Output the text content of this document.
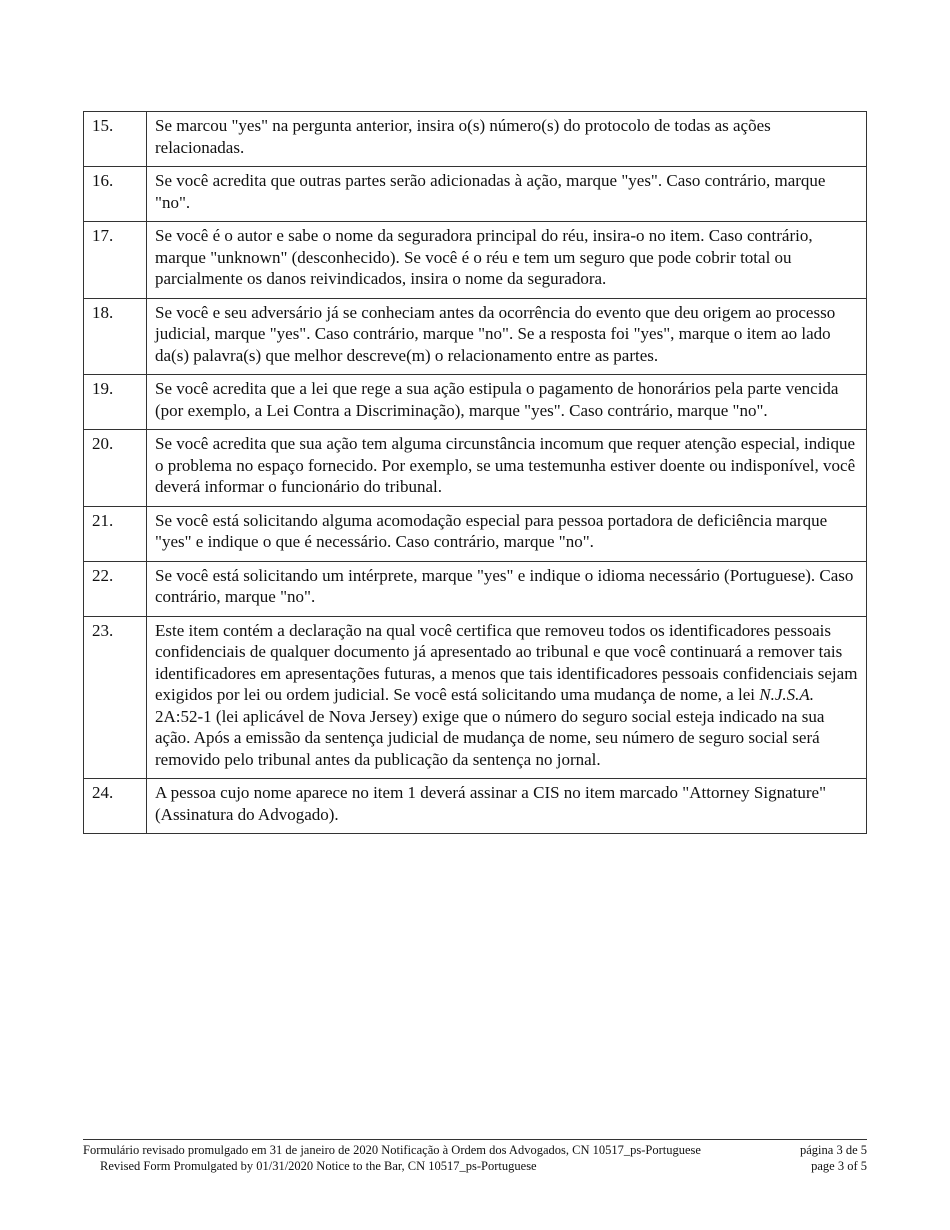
15.	Se marcou "yes" na pergunta anterior, insira o(s) número(s) do protocolo de todas as ações relacionadas.
16.	Se você acredita que outras partes serão adicionadas à ação, marque "yes". Caso contrário, marque "no".
17.	Se você é o autor e sabe o nome da seguradora principal do réu, insira-o no item. Caso contrário, marque "unknown" (desconhecido). Se você é o réu e tem um seguro que pode cobrir total ou parcialmente os danos reivindicados, insira o nome da seguradora.
18.	Se você e seu adversário já se conheciam antes da ocorrência do evento que deu origem ao processo judicial, marque "yes". Caso contrário, marque "no". Se a resposta foi "yes", marque o item ao lado da(s) palavra(s) que melhor descreve(m) o relacionamento entre as partes.
19.	Se você acredita que a lei que rege a sua ação estipula o pagamento de honorários pela parte vencida (por exemplo, a Lei Contra a Discriminação), marque "yes". Caso contrário, marque "no".
20.	Se você acredita que sua ação tem alguma circunstância incomum que requer atenção especial, indique o problema no espaço fornecido. Por exemplo, se uma testemunha estiver doente ou indisponível, você deverá informar o funcionário do tribunal.
21.	Se você está solicitando alguma acomodação especial para pessoa portadora de deficiência marque "yes" e indique o que é necessário. Caso contrário, marque "no".
22.	Se você está solicitando um intérprete, marque "yes" e indique o idioma necessário (Portuguese). Caso contrário, marque "no".
23.	Este item contém a declaração na qual você certifica que removeu todos os identificadores pessoais confidenciais de qualquer documento já apresentado ao tribunal e que você continuará a remover tais identificadores em apresentações futuras, a menos que tais identificadores pessoais confidenciais sejam exigidos por lei ou ordem judicial. Se você está solicitando uma mudança de nome, a lei N.J.S.A. 2A:52-1 (lei aplicável de Nova Jersey) exige que o número do seguro social esteja indicado na sua ação. Após a emissão da sentença judicial de mudança de nome, seu número de seguro social será removido pelo tribunal antes da publicação da sentença no jornal.
24.	A pessoa cujo nome aparece no item 1 deverá assinar a CIS no item marcado "Attorney Signature" (Assinatura do Advogado).
Formulário revisado promulgado em 31 de janeiro de 2020 Notificação à Ordem dos Advogados, CN 10517_ps-Portuguese	página 3 de 5
Revised Form Promulgated by 01/31/2020 Notice to the Bar, CN 10517_ps-Portuguese	page 3 of 5
